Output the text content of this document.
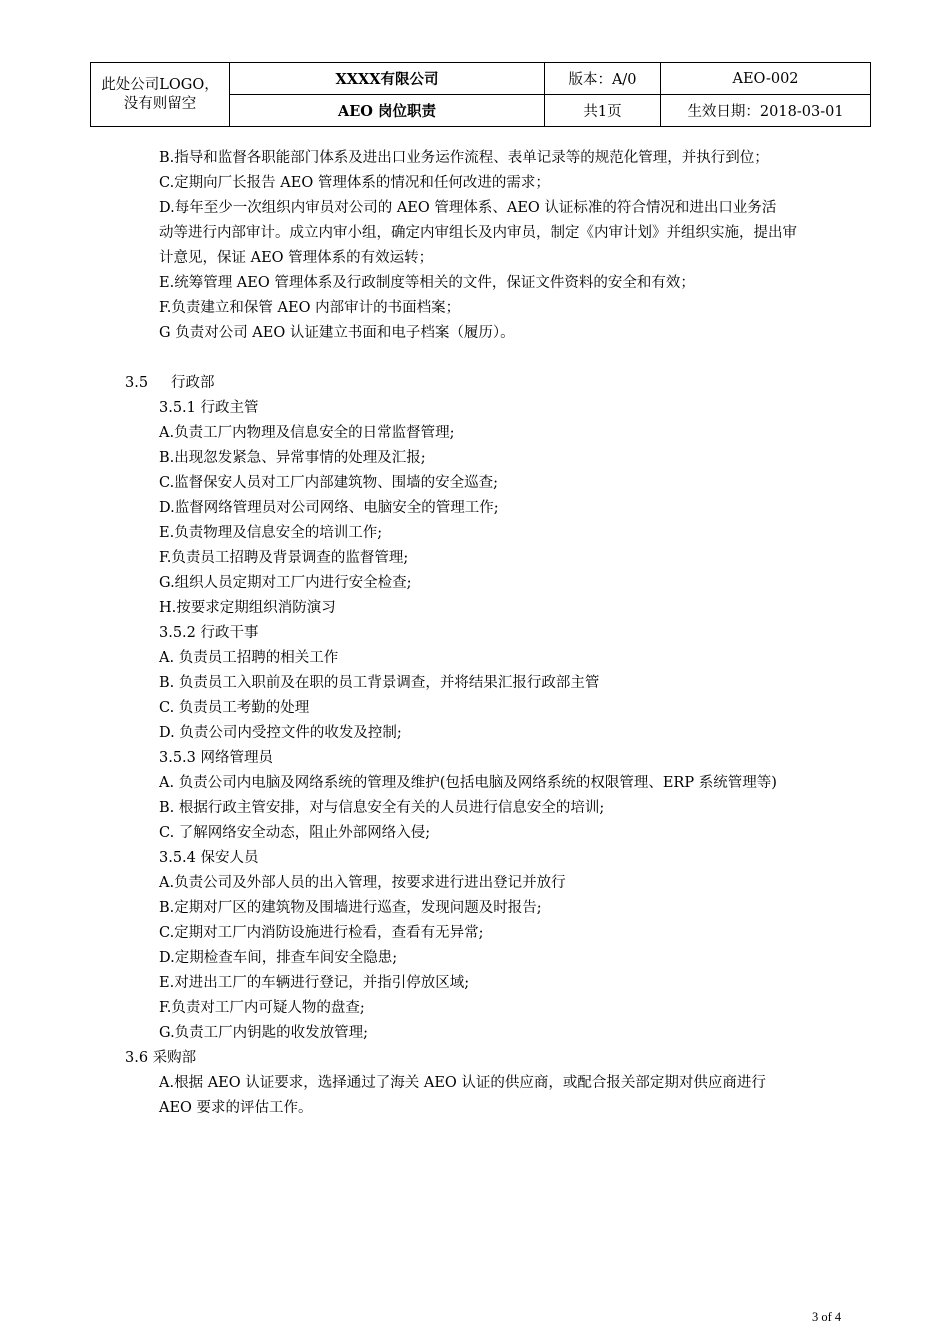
此处公司LOGO，没有则留空	XXXX有限公司	版本：A/0	AEO-002
	AEO 岗位职责	共1页	生效日期：2018-03-01
B.指导和监督各职能部门体系及进出口业务运作流程、表单记录等的规范化管理，并执行到位；
C.定期向厂长报告 AEO 管理体系的情况和任何改进的需求；
D.每年至少一次组织内审员对公司的 AEO 管理体系、AEO 认证标准的符合情况和进出口业务活
动等进行内部审计。成立内审小组，确定内审组长及内审员，制定《内审计划》并组织实施，提出审
计意见，保证 AEO 管理体系的有效运转；
E.统筹管理 AEO 管理体系及行政制度等相关的文件，保证文件资料的安全和有效；
F.负责建立和保管 AEO 内部审计的书面档案；
G 负责对公司 AEO 认证建立书面和电子档案（履历）。
3.5 行政部
3.5.1 行政主管
A.负责工厂内物理及信息安全的日常监督管理;
B.出现忽发紧急、异常事情的处理及汇报;
C.监督保安人员对工厂内部建筑物、围墙的安全巡查;
D.监督网络管理员对公司网络、电脑安全的管理工作;
E.负责物理及信息安全的培训工作;
F.负责员工招聘及背景调查的监督管理;
G.组织人员定期对工厂内进行安全检查;
H.按要求定期组织消防演习
3.5.2 行政干事
A. 负责员工招聘的相关工作
B. 负责员工入职前及在职的员工背景调查，并将结果汇报行政部主管
C. 负责员工考勤的处理
D. 负责公司内受控文件的收发及控制;
3.5.3 网络管理员
A. 负责公司内电脑及网络系统的管理及维护(包括电脑及网络系统的权限管理、ERP 系统管理等)
B. 根据行政主管安排，对与信息安全有关的人员进行信息安全的培训;
C. 了解网络安全动态，阻止外部网络入侵;
3.5.4 保安人员
A.负责公司及外部人员的出入管理，按要求进行进出登记并放行
B.定期对厂区的建筑物及围墙进行巡查，发现问题及时报告;
C.定期对工厂内消防设施进行检看，查看有无异常;
D.定期检查车间，排查车间安全隐患;
E.对进出工厂的车辆进行登记，并指引停放区域;
F.负责对工厂内可疑人物的盘查;
G.负责工厂内钥匙的收发放管理;
3.6 采购部
A.根据 AEO 认证要求，选择通过了海关 AEO 认证的供应商，或配合报关部定期对供应商进行
AEO 要求的评估工作。
3 of 4
